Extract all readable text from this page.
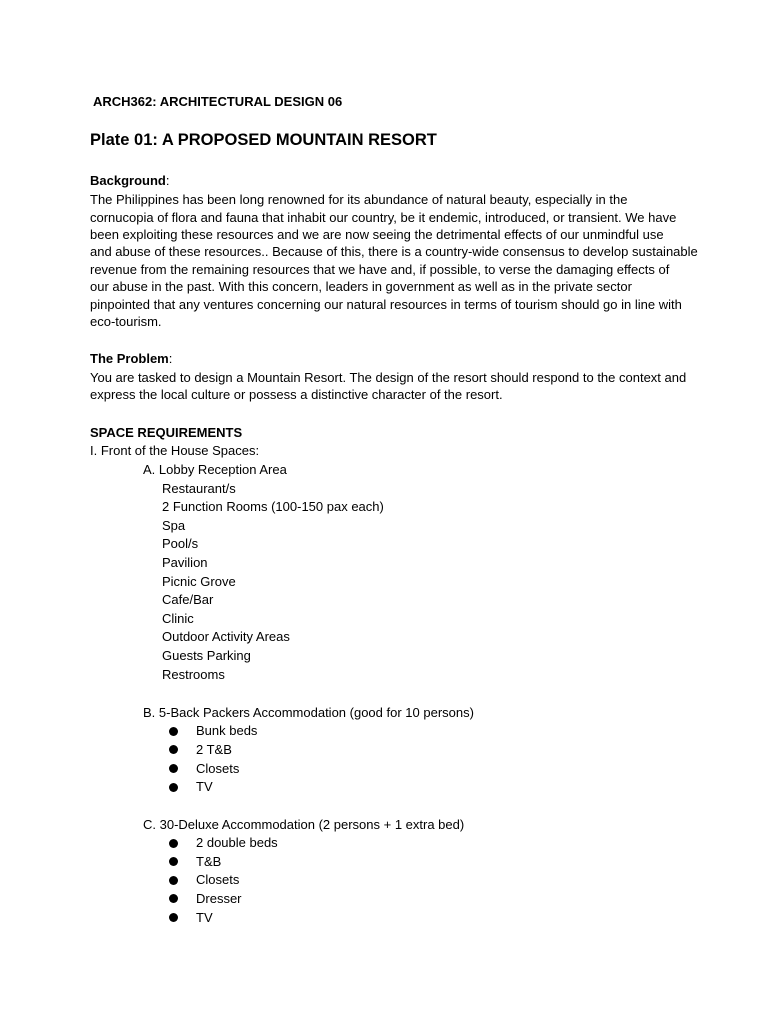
ARCH362: ARCHITECTURAL DESIGN 06
Plate 01: A PROPOSED MOUNTAIN RESORT
Background:
The Philippines has been long renowned for its abundance of natural beauty, especially in the
cornucopia of flora and fauna that inhabit our country, be it endemic, introduced, or transient. We have
been exploiting these resources and we are now seeing the detrimental effects of our unmindful use
and abuse of these resources.. Because of this, there is a country-wide consensus to develop sustainable
revenue from the remaining resources that we have and, if possible, to verse the damaging effects of
our abuse in the past. With this concern, leaders in government as well as in the private sector
pinpointed that any ventures concerning our natural resources in terms of tourism should go in line with
eco-tourism.
The Problem:
You are tasked to design a Mountain Resort. The design of the resort should respond to the context and
express the local culture or possess a distinctive character of the resort.
SPACE REQUIREMENTS
I. Front of the House Spaces:
A. Lobby Reception Area
Restaurant/s
2 Function Rooms (100-150 pax each)
Spa
Pool/s
Pavilion
Picnic Grove
Cafe/Bar
Clinic
Outdoor Activity Areas
Guests Parking
Restrooms
B. 5-Back Packers Accommodation (good for 10 persons)
Bunk beds
2 T&B
Closets
TV
C. 30-Deluxe Accommodation (2 persons + 1 extra bed)
2 double beds
T&B
Closets
Dresser
TV
